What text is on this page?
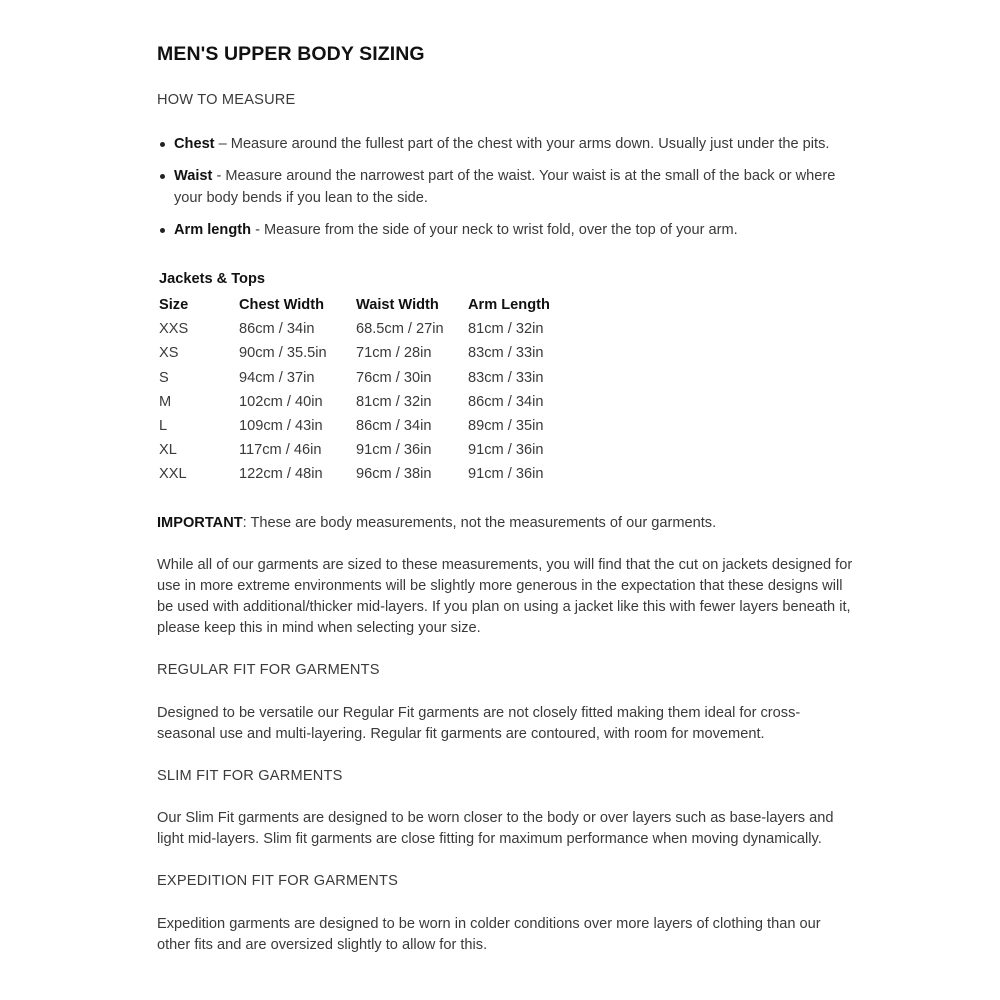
MEN'S UPPER BODY SIZING
HOW TO MEASURE
Chest – Measure around the fullest part of the chest with your arms down. Usually just under the pits.
Waist - Measure around the narrowest part of the waist. Your waist is at the small of the back or where your body bends if you lean to the side.
Arm length - Measure from the side of your neck to wrist fold, over the top of your arm.
Jackets & Tops
Size	Chest Width	Waist Width	Arm Length
XXS	86cm / 34in	68.5cm / 27in	81cm / 32in
XS	90cm / 35.5in	71cm / 28in	83cm / 33in
S	94cm / 37in	76cm / 30in	83cm / 33in
M	102cm / 40in	81cm / 32in	86cm / 34in
L	109cm / 43in	86cm / 34in	89cm / 35in
XL	117cm / 46in	91cm / 36in	91cm / 36in
XXL	122cm / 48in	96cm / 38in	91cm / 36in

IMPORTANT: These are body measurements, not the measurements of our garments.

While all of our garments are sized to these measurements, you will find that the cut on jackets designed for use in more extreme environments will be slightly more generous in the expectation that these designs will be used with additional/thicker mid-layers. If you plan on using a jacket like this with fewer layers beneath it, please keep this in mind when selecting your size.

REGULAR FIT FOR GARMENTS

Designed to be versatile our Regular Fit garments are not closely fitted making them ideal for cross-seasonal use and multi-layering. Regular fit garments are contoured, with room for movement.

SLIM FIT FOR GARMENTS

Our Slim Fit garments are designed to be worn closer to the body or over layers such as base-layers and light mid-layers. Slim fit garments are close fitting for maximum performance when moving dynamically.

EXPEDITION FIT FOR GARMENTS

Expedition garments are designed to be worn in colder conditions over more layers of clothing than our other fits and are oversized slightly to allow for this.
